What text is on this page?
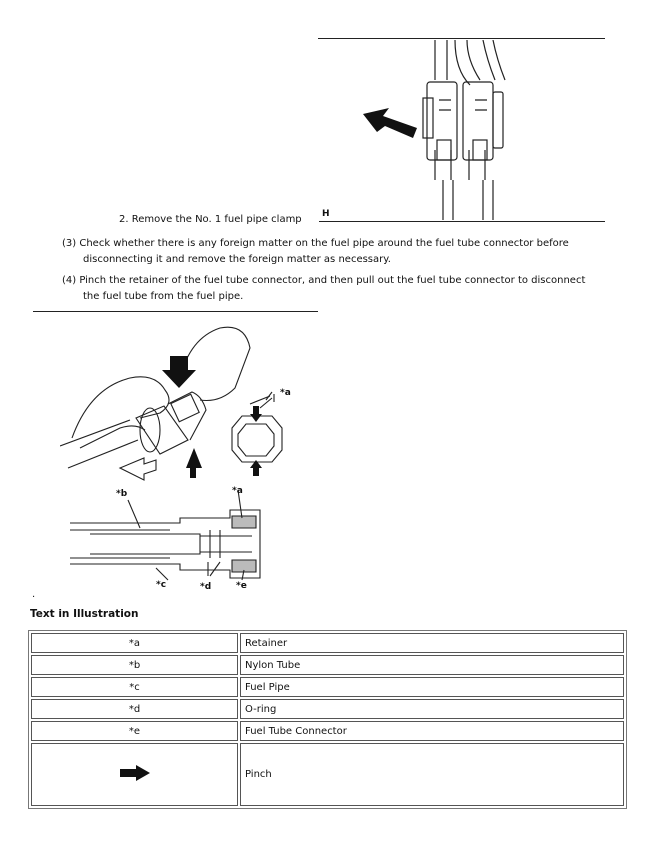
H
2. Remove the No. 1 fuel pipe clamp
(3) Check whether there is any foreign matter on the fuel pipe around the fuel tube connector before
disconnecting it and remove the foreign matter as necessary.
(4) Pinch the retainer of the fuel tube connector, and then pull out the fuel tube connector to disconnect
the fuel tube from the fuel pipe.
*a
*b	*a
*c	*d	*e
.
Text in Illustration
*a	Retainer
*b	Nylon Tube
*c	Fuel Pipe
*d	O-ring
*e	Fuel Tube Connector
	Pinch
